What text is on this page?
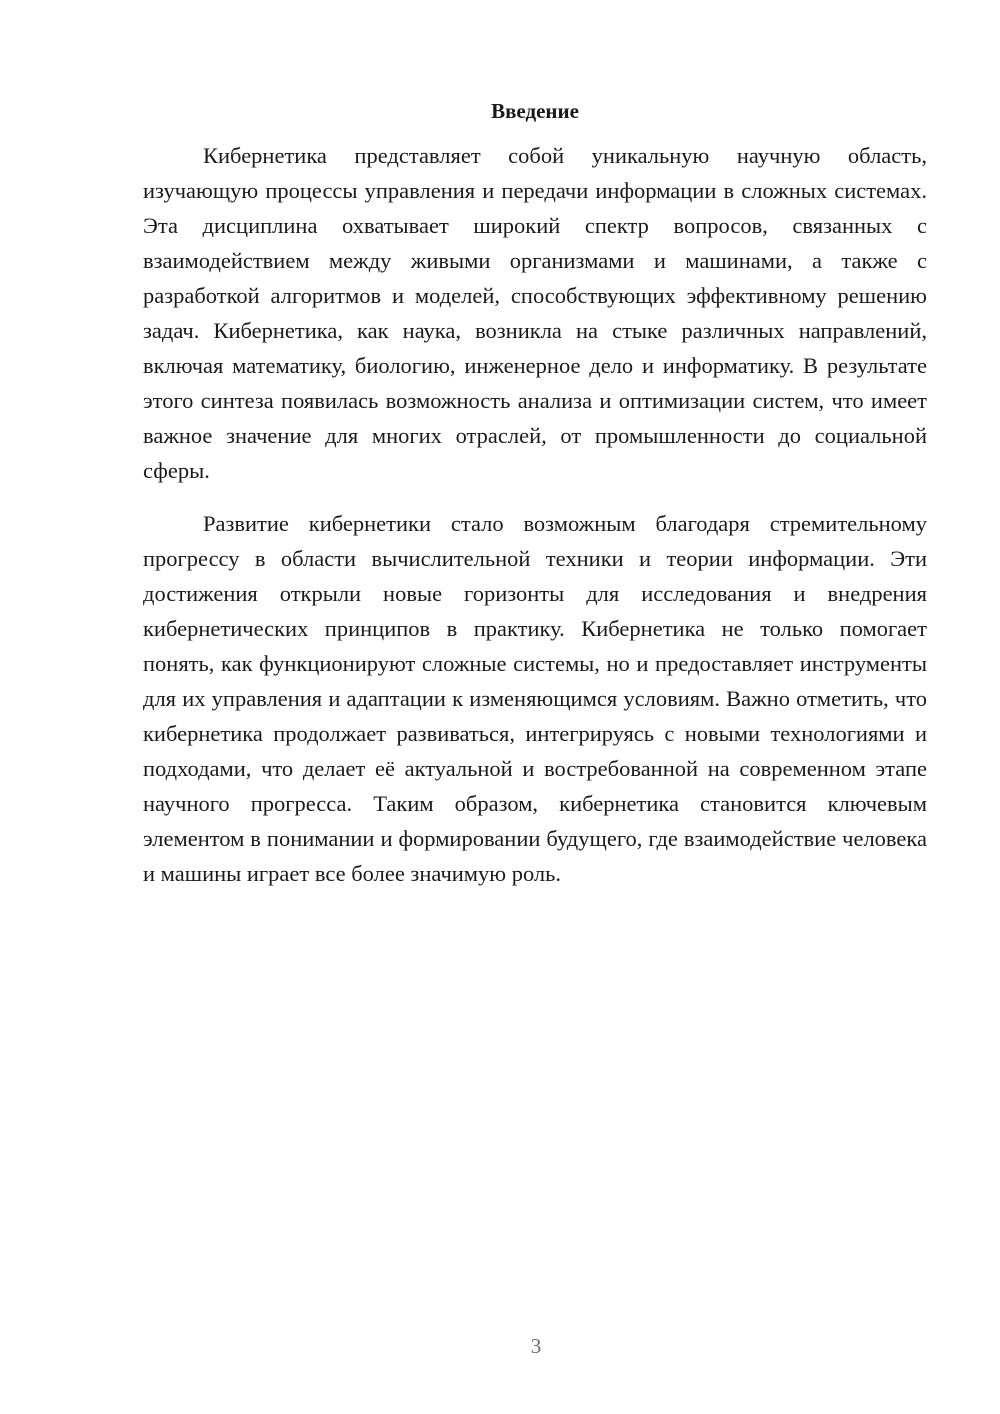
Введение

Кибернетика представляет собой уникальную научную область, изучающую процессы управления и передачи информации в сложных системах. Эта дисциплина охватывает широкий спектр вопросов, связанных с взаимодействием между живыми организмами и машинами, а также с разработкой алгоритмов и моделей, способствующих эффективному решению задач. Кибернетика, как наука, возникла на стыке различных направлений, включая математику, биологию, инженерное дело и информатику. В результате этого синтеза появилась возможность анализа и оптимизации систем, что имеет важное значение для многих отраслей, от промышленности до социальной сферы.

Развитие кибернетики стало возможным благодаря стремительному прогрессу в области вычислительной техники и теории информации. Эти достижения открыли новые горизонты для исследования и внедрения кибернетических принципов в практику. Кибернетика не только помогает понять, как функционируют сложные системы, но и предоставляет инструменты для их управления и адаптации к изменяющимся условиям. Важно отметить, что кибернетика продолжает развиваться, интегрируясь с новыми технологиями и подходами, что делает её актуальной и востребованной на современном этапе научного прогресса. Таким образом, кибернетика становится ключевым элементом в понимании и формировании будущего, где взаимодействие человека и машины играет все более значимую роль.

3
